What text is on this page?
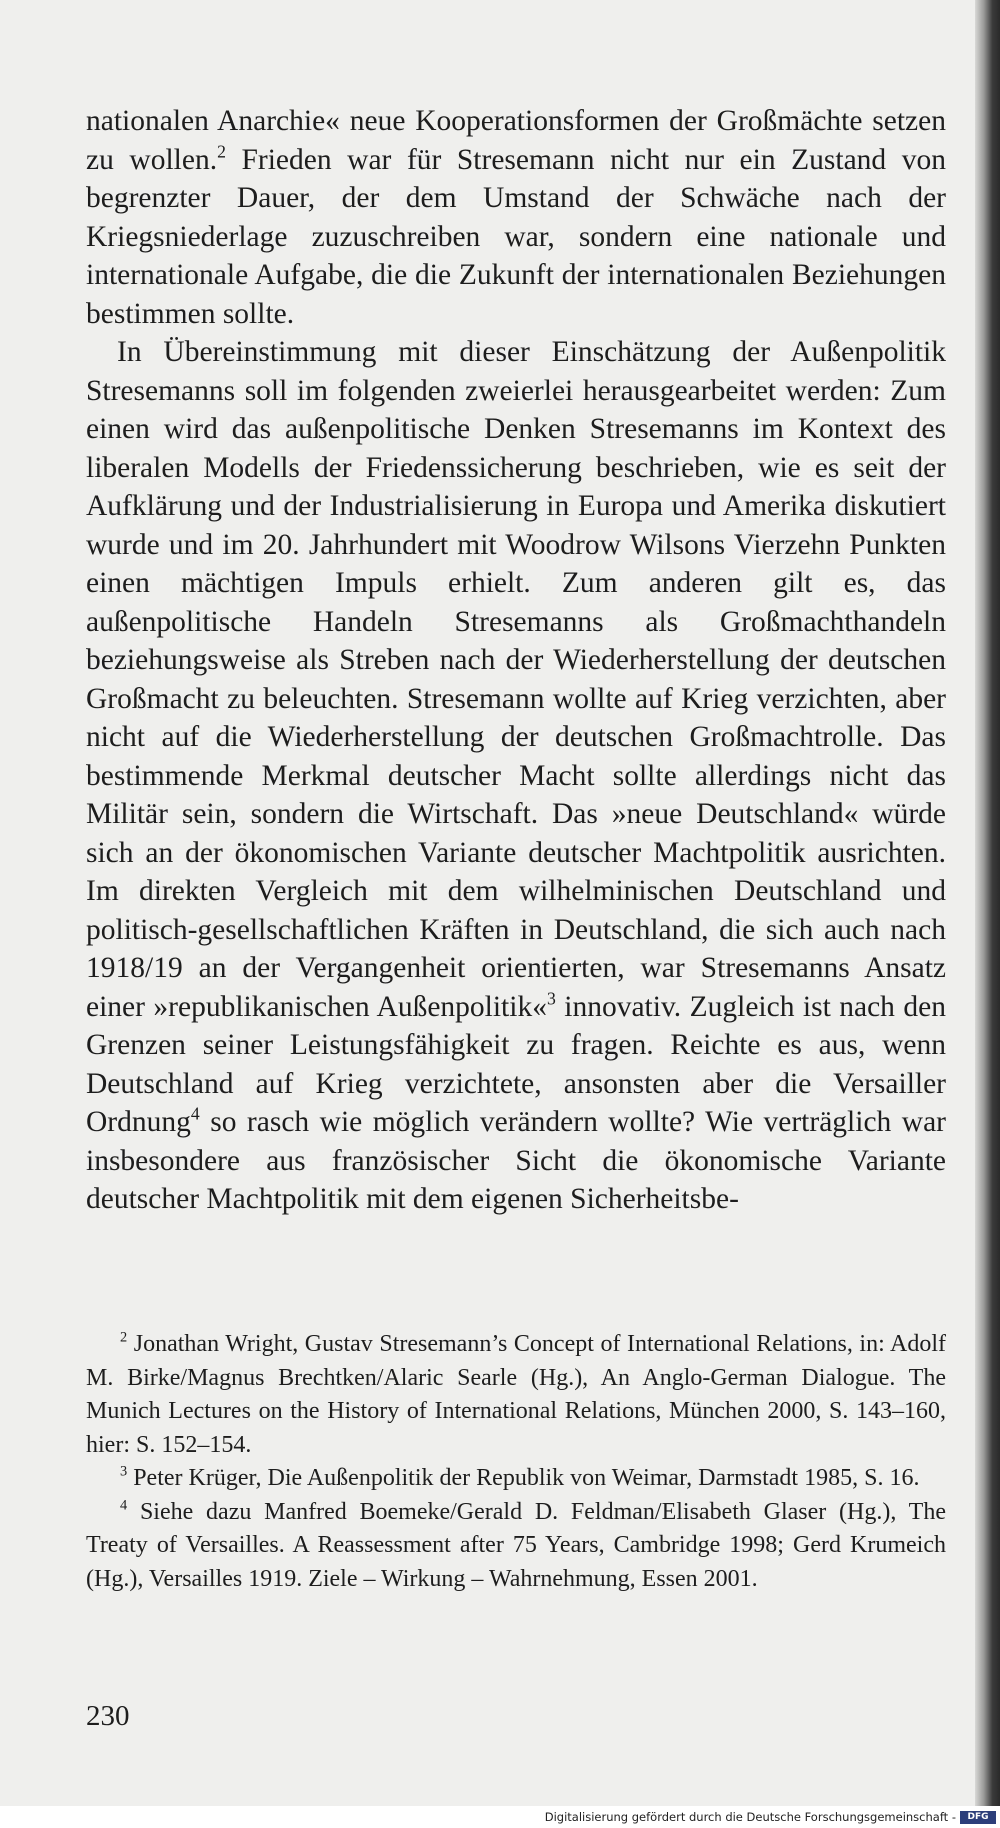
nationalen Anarchie« neue Kooperationsformen der Großmächte setzen zu wollen.$^2$ Frieden war für Stresemann nicht nur ein Zustand von begrenzter Dauer, der dem Umstand der Schwäche nach der Kriegsniederlage zuzuschreiben war, sondern eine nationale und internationale Aufgabe, die die Zukunft der internationalen Beziehungen bestimmen sollte.

In Übereinstimmung mit dieser Einschätzung der Außenpolitik Stresemanns soll im folgenden zweierlei herausgearbeitet werden: Zum einen wird das außenpolitische Denken Stresemanns im Kontext des liberalen Modells der Friedenssicherung beschrieben, wie es seit der Aufklärung und der Industrialisierung in Europa und Amerika diskutiert wurde und im 20. Jahrhundert mit Woodrow Wilsons Vierzehn Punkten einen mächtigen Impuls erhielt. Zum anderen gilt es, das außenpolitische Handeln Stresemanns als Großmachthandeln beziehungsweise als Streben nach der Wiederherstellung der deutschen Großmacht zu beleuchten. Stresemann wollte auf Krieg verzichten, aber nicht auf die Wiederherstellung der deutschen Großmachtrolle. Das bestimmende Merkmal deutscher Macht sollte allerdings nicht das Militär sein, sondern die Wirtschaft. Das »neue Deutschland« würde sich an der ökonomischen Variante deutscher Machtpolitik ausrichten. Im direkten Vergleich mit dem wilhelminischen Deutschland und politisch-gesellschaftlichen Kräften in Deutschland, die sich auch nach 1918/19 an der Vergangenheit orientierten, war Stresemanns Ansatz einer »republikanischen Außenpolitik«$^3$ innovativ. Zugleich ist nach den Grenzen seiner Leistungsfähigkeit zu fragen. Reichte es aus, wenn Deutschland auf Krieg verzichtete, ansonsten aber die Versailler Ordnung$^4$ so rasch wie möglich verändern wollte? Wie verträglich war insbesondere aus französischer Sicht die ökonomische Variante deutscher Machtpolitik mit dem eigenen Sicherheitsbe-

$^2$ Jonathan Wright, Gustav Stresemann’s Concept of International Relations, in: Adolf M. Birke/Magnus Brechtken/Alaric Searle (Hg.), An Anglo-German Dialogue. The Munich Lectures on the History of International Relations, München 2000, S. 143–160, hier: S. 152–154.

$^3$ Peter Krüger, Die Außenpolitik der Republik von Weimar, Darmstadt 1985, S. 16.

$^4$ Siehe dazu Manfred Boemeke/Gerald D. Feldman/Elisabeth Glaser (Hg.), The Treaty of Versailles. A Reassessment after 75 Years, Cambridge 1998; Gerd Krumeich (Hg.), Versailles 1919. Ziele – Wirkung – Wahrnehmung, Essen 2001.

230
Digitalisierung gefördert durch die Deutsche Forschungsgemeinschaft -	DFG
